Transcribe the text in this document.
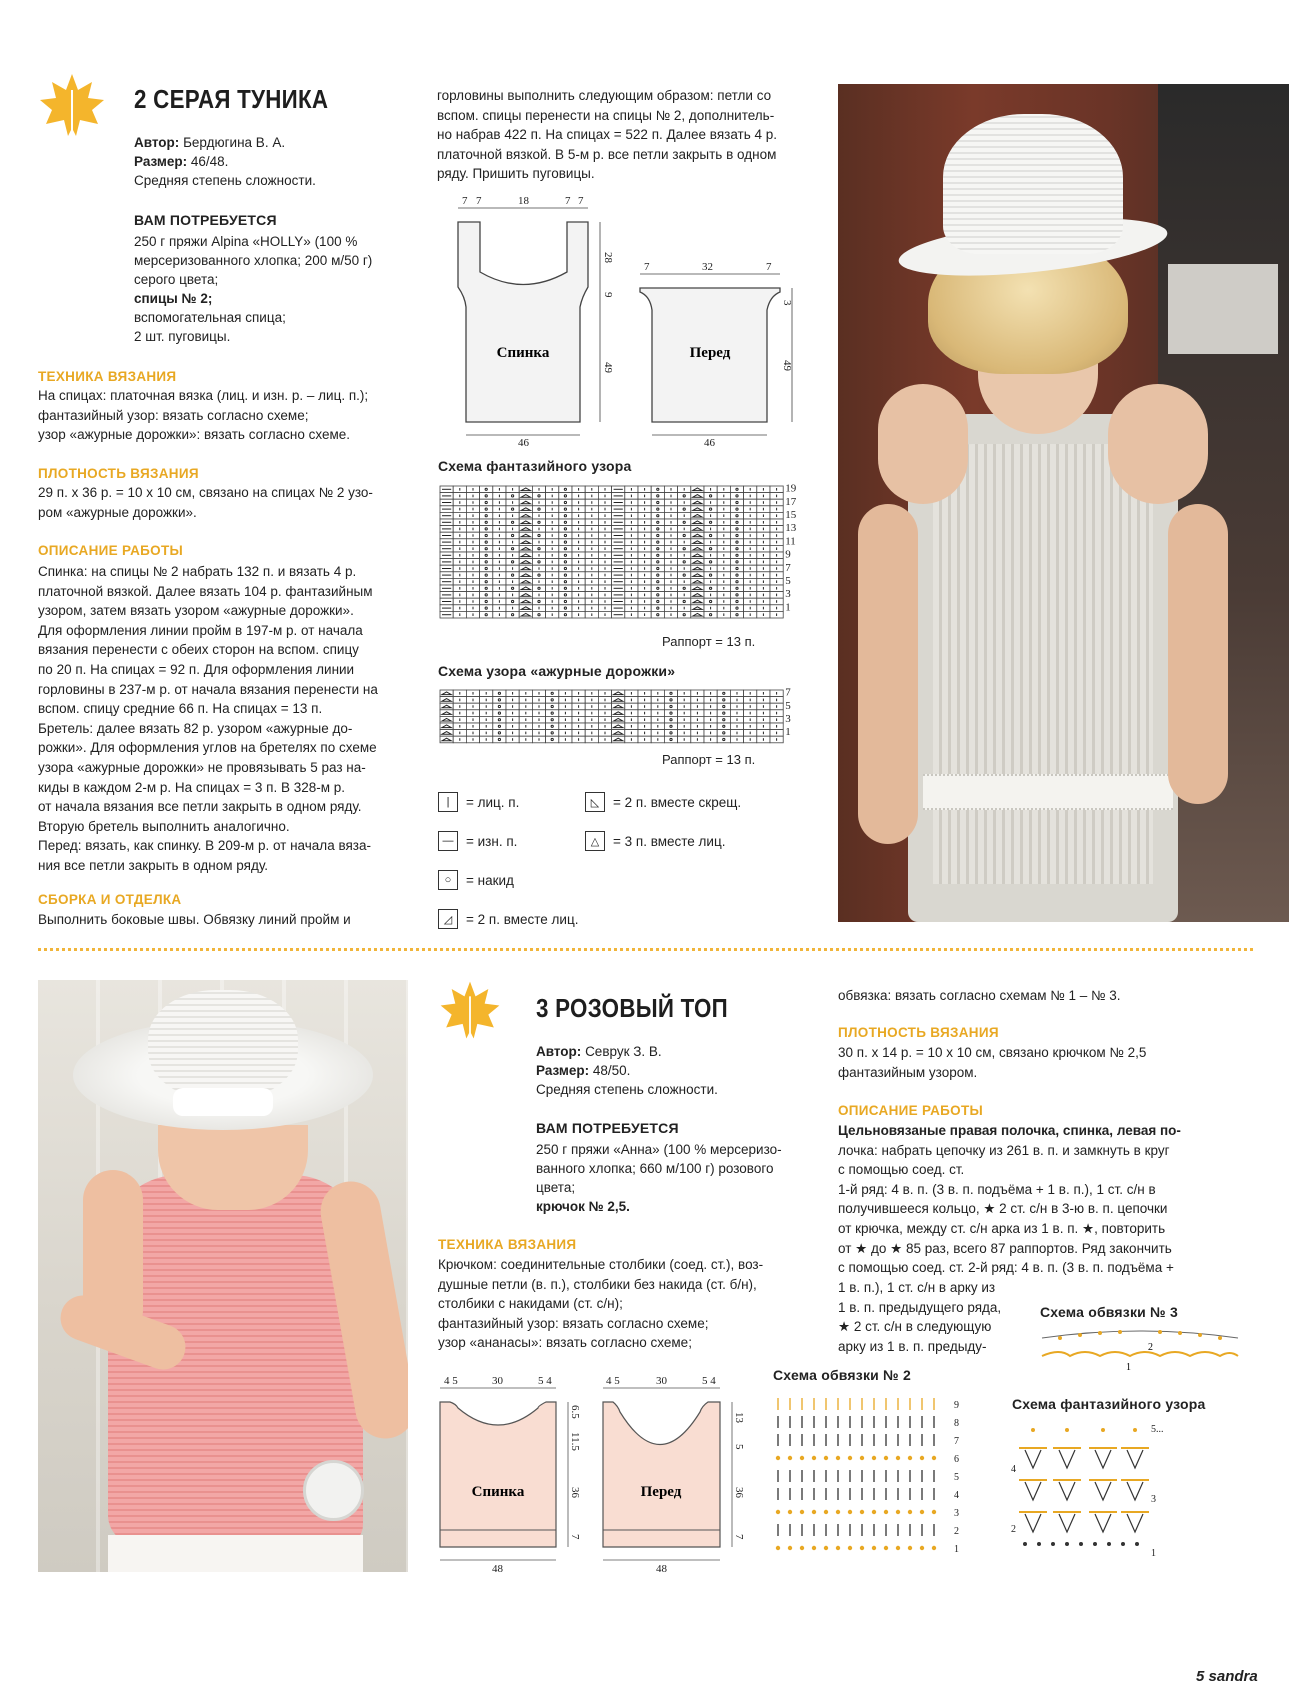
2 СЕРАЯ ТУНИКА
Автор: Бердюгина В. А.
Размер: 46/48.
Средняя степень сложности.
ВАМ ПОТРЕБУЕТСЯ
250 г пряжи Alpina «HOLLY» (100 %
мерсеризованного хлопка; 200 м/50 г)
серого цвета;
спицы № 2;
вспомогательная спица;
2 шт. пуговицы.
ТЕХНИКА ВЯЗАНИЯ

На спицах: платочная вязка (лиц. и изн. р. – лиц. п.);

фантазийный узор: вязать согласно схеме;

узор «ажурные дорожки»: вязать согласно схеме.

ПЛОТНОСТЬ ВЯЗАНИЯ

29 п. х 36 р. = 10 х 10 см, связано на спицах № 2 узо-

ром «ажурные дорожки».

ОПИСАНИЕ РАБОТЫ

Спинка: на спицы № 2 набрать 132 п. и вязать 4 р.

платочной вязкой. Далее вязать 104 р. фантазийным

узором, затем вязать узором «ажурные дорожки».

Для оформления линии пройм в 197-м р. от начала

вязания перенести с обеих сторон на вспом. спицу

по 20 п. На спицах = 92 п. Для оформления линии

горловины в 237-м р. от начала вязания перенести на

вспом. спицу средние 66 п. На спицах = 13 п.

Бретель: далее вязать 82 р. узором «ажурные до-

рожки». Для оформления углов на бретелях по схеме

узора «ажурные дорожки» не провязывать 5 раз на-

киды в каждом 2-м р. На спицах = 3 п. В 328-м р.

от начала вязания все петли закрыть в одном ряду.

Вторую бретель выполнить аналогично.

Перед: вязать, как спинку. В 209-м р. от начала вяза-

ния все петли закрыть в одном ряду.

СБОРКА И ОТДЕЛКА

Выполнить боковые швы. Обвязку линий пройм и

горловины выполнить следующим образом: петли со

вспом. спицы перенести на спицы № 2, дополнитель-

но набрав 422 п. На спицах = 522 п. Далее вязать 4 р.

платочной вязкой. В 5-м р. все петли закрыть в одном

ряду. Пришить пуговицы.

Спинка
7 7	18	7 7
28
9
49
46
Перед
7	32	7
3
49
46
Схема фантазийного узора
19
17
15
13
11
9
7
5
3
1
Раппорт = 13 п.
Схема узора «ажурные дорожки»
7
5
3
1
Раппорт = 13 п.
|	= лиц. п.
— = изн. п.
○	= накид
◿	= 2 п. вместе лиц.
◺	= 2 п. вместе скрещ.
△	= 3 п. вместе лиц.
3 РОЗОВЫЙ ТОП
Автор: Севрук З. В.
Размер: 48/50.
Средняя степень сложности.
ВАМ ПОТРЕБУЕТСЯ
250 г пряжи «Анна» (100 % мерсеризо-
ванного хлопка; 660 м/100 г) розового
цвета;
крючок № 2,5.
ТЕХНИКА ВЯЗАНИЯ

Крючком: соединительные столбики (соед. ст.), воз-

душные петли (в. п.), столбики без накида (ст. б/н),

столбики с накидами (ст. с/н);

фантазийный узор: вязать согласно схеме;

узор «ананасы»: вязать согласно схеме;

Спинка
4 5	30	5 4
6.5
11.5
36
7
48
Перед
4 5	30	5 4
13
5
36
7
48
обвязка: вязать согласно схемам № 1 – № 3.
ПЛОТНОСТЬ ВЯЗАНИЯ

30 п. х 14 р. = 10 х 10 см, связано крючком № 2,5

фантазийным узором.

ОПИСАНИЕ РАБОТЫ

Цельновязаные правая полочка, спинка, левая по-

лочка: набрать цепочку из 261 в. п. и замкнуть в круг

с помощью соед. ст.

1-й ряд: 4 в. п. (3 в. п. подъёма + 1 в. п.), 1 ст. с/н в

получившееся кольцо, ★ 2 ст. с/н в 3-ю в. п. цепочки

от крючка, между ст. с/н арка из 1 в. п. ★, повторить

от ★ до ★ 85 раз, всего 87 раппортов. Ряд закончить

с помощью соед. ст. 2-й ряд: 4 в. п. (3 в. п. подъёма +

1 в. п.), 1 ст. с/н в арку из

1 в. п. предыдущего ряда,

★ 2 ст. с/н в следующую

арку из 1 в. п. предыду-

Схема обвязки № 3
2
1
Схема обвязки № 2
9
8
7
6
5
4
3
2
1
Схема фантазийного узора
5...
4
3
2
1
5 sandra
